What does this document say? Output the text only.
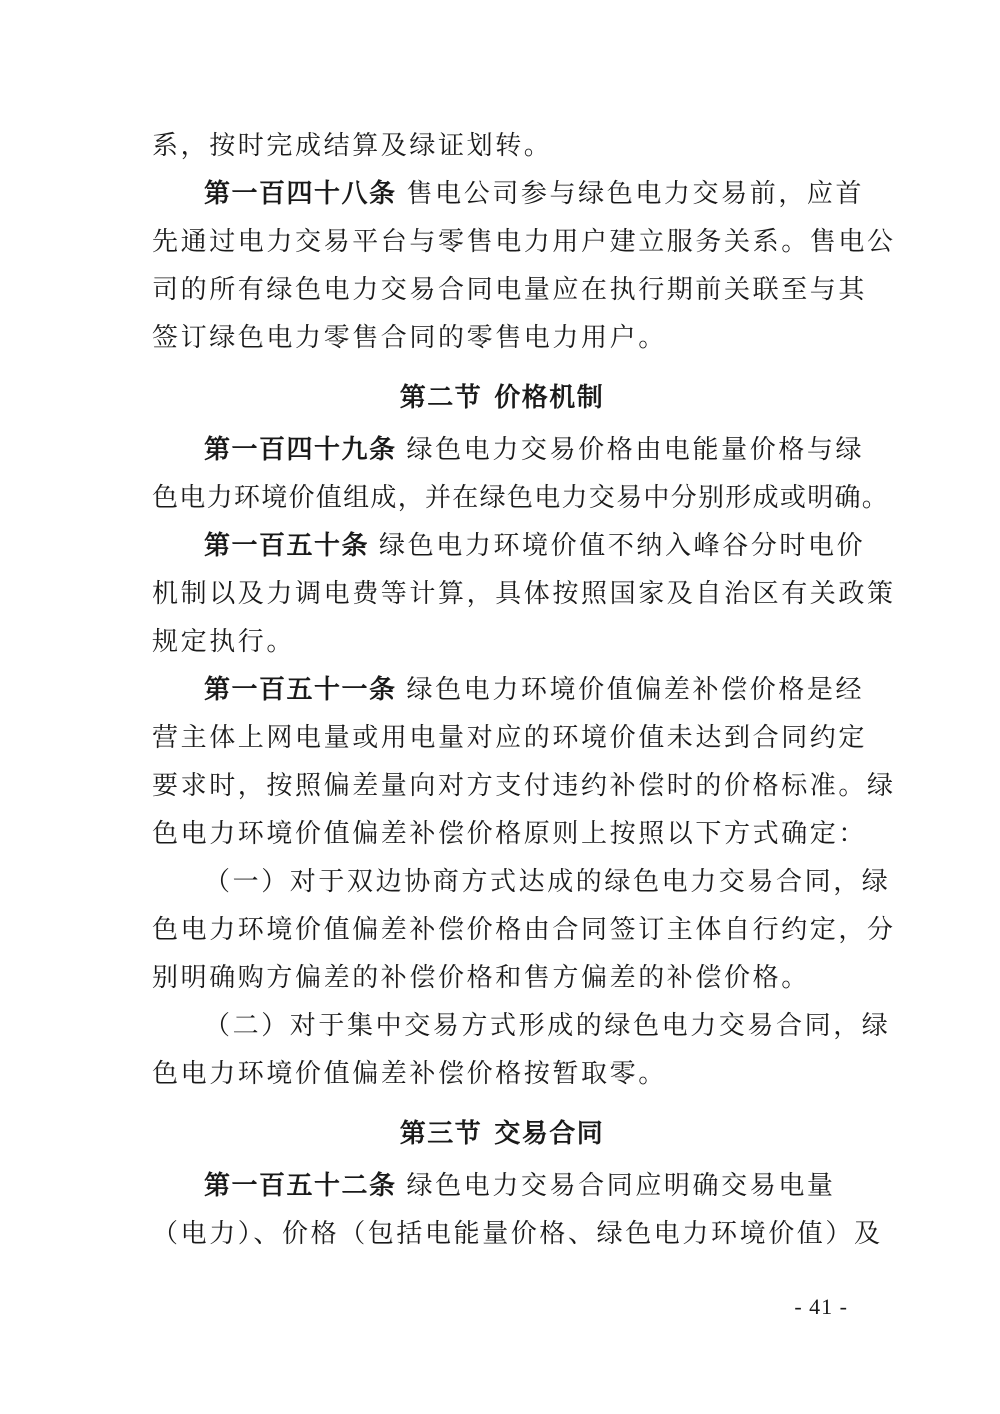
系，按时完成结算及绿证划转。
第一百四十八条 售电公司参与绿色电力交易前，应首
先通过电力交易平台与零售电力用户建立服务关系。售电公
司的所有绿色电力交易合同电量应在执行期前关联至与其
签订绿色电力零售合同的零售电力用户。
第二节 价格机制
第一百四十九条 绿色电力交易价格由电能量价格与绿
色电力环境价值组成，并在绿色电力交易中分别形成或明确。
第一百五十条 绿色电力环境价值不纳入峰谷分时电价
机制以及力调电费等计算，具体按照国家及自治区有关政策
规定执行。
第一百五十一条 绿色电力环境价值偏差补偿价格是经
营主体上网电量或用电量对应的环境价值未达到合同约定
要求时，按照偏差量向对方支付违约补偿时的价格标准。绿
色电力环境价值偏差补偿价格原则上按照以下方式确定：
（一）对于双边协商方式达成的绿色电力交易合同，绿
色电力环境价值偏差补偿价格由合同签订主体自行约定，分
别明确购方偏差的补偿价格和售方偏差的补偿价格。
（二）对于集中交易方式形成的绿色电力交易合同，绿
色电力环境价值偏差补偿价格按暂取零。
第三节 交易合同
第一百五十二条 绿色电力交易合同应明确交易电量
（电力）、价格（包括电能量价格、绿色电力环境价值）及
- 41 -
